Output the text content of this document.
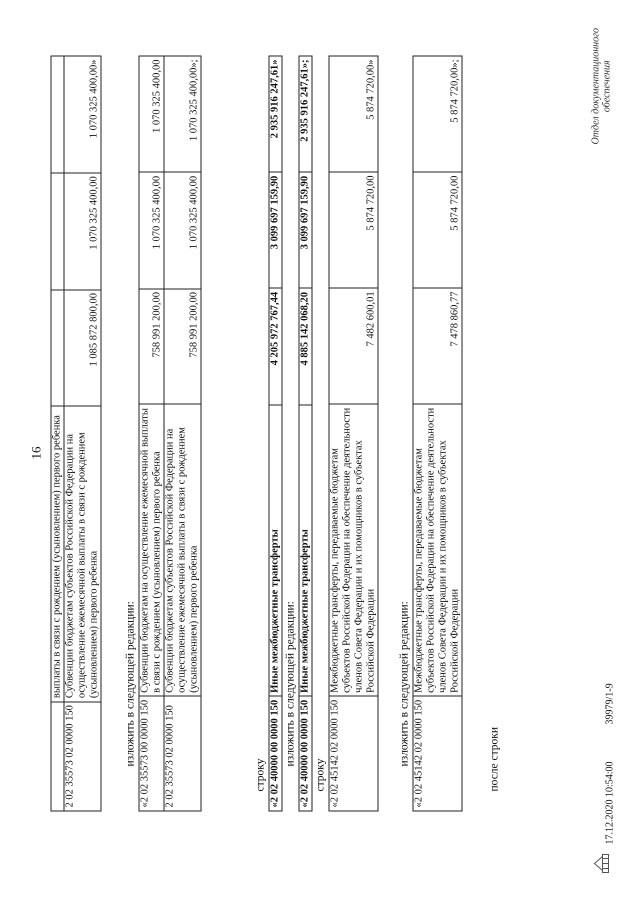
16
	выплаты в связи с рождением (усыновлением) первого ребенка			
2 02 35573 02 0000 150	Субвенции бюджетам субъектов Российской Федерации на осуществление ежемесячной выплаты в связи с рождением (усыновлением) первого ребенка	1 085 872 800,00	1 070 325 400,00	1 070 325 400,00»
изложить в следующей редакции: «2 02 35573 00 0000 150	Субвенции бюджетам на осуществление ежемесячной выплаты в связи с рождением (усыновлением) первого ребенка	758 991 200,00	1 070 325 400,00	1 070 325 400,00
2 02 35573 02 0000 150	Субвенции бюджетам субъектов Российской Федерации на осуществление ежемесячной выплаты в связи с рождением (усыновлением) первого ребенка	758 991 200,00	1 070 325 400,00	1 070 325 400,00»;
строку «2 02 40000 00 0000 150	Иные межбюджетные трансферты	4 205 972 767,44	3 099 697 159,90	2 935 916 247,61»
изложить в следующей редакции: «2 02 40000 00 0000 150	Иные межбюджетные трансферты	4 885 142 068,20	3 099 697 159,90	2 935 916 247,61»;
строку «2 02 45142 02 0000 150	Межбюджетные трансферты, передаваемые бюджетам субъектов Российской Федерации на обеспечение деятельности членов Совета Федерации и их помощников в субъектах Российской Федерации	7 482 600,01	5 874 720,00	5 874 720,00»
изложить в следующей редакции: «2 02 45142 02 0000 150	Межбюджетные трансферты, передаваемые бюджетам субъектов Российской Федерации на обеспечение деятельности членов Совета Федерации и их помощников в субъектах Российской Федерации	7 478 860,77	5 874 720,00	5 874 720,00»;
после строки
17.12.2020 10:54:00
39979/1-9
Отдел документационного обеспечения
